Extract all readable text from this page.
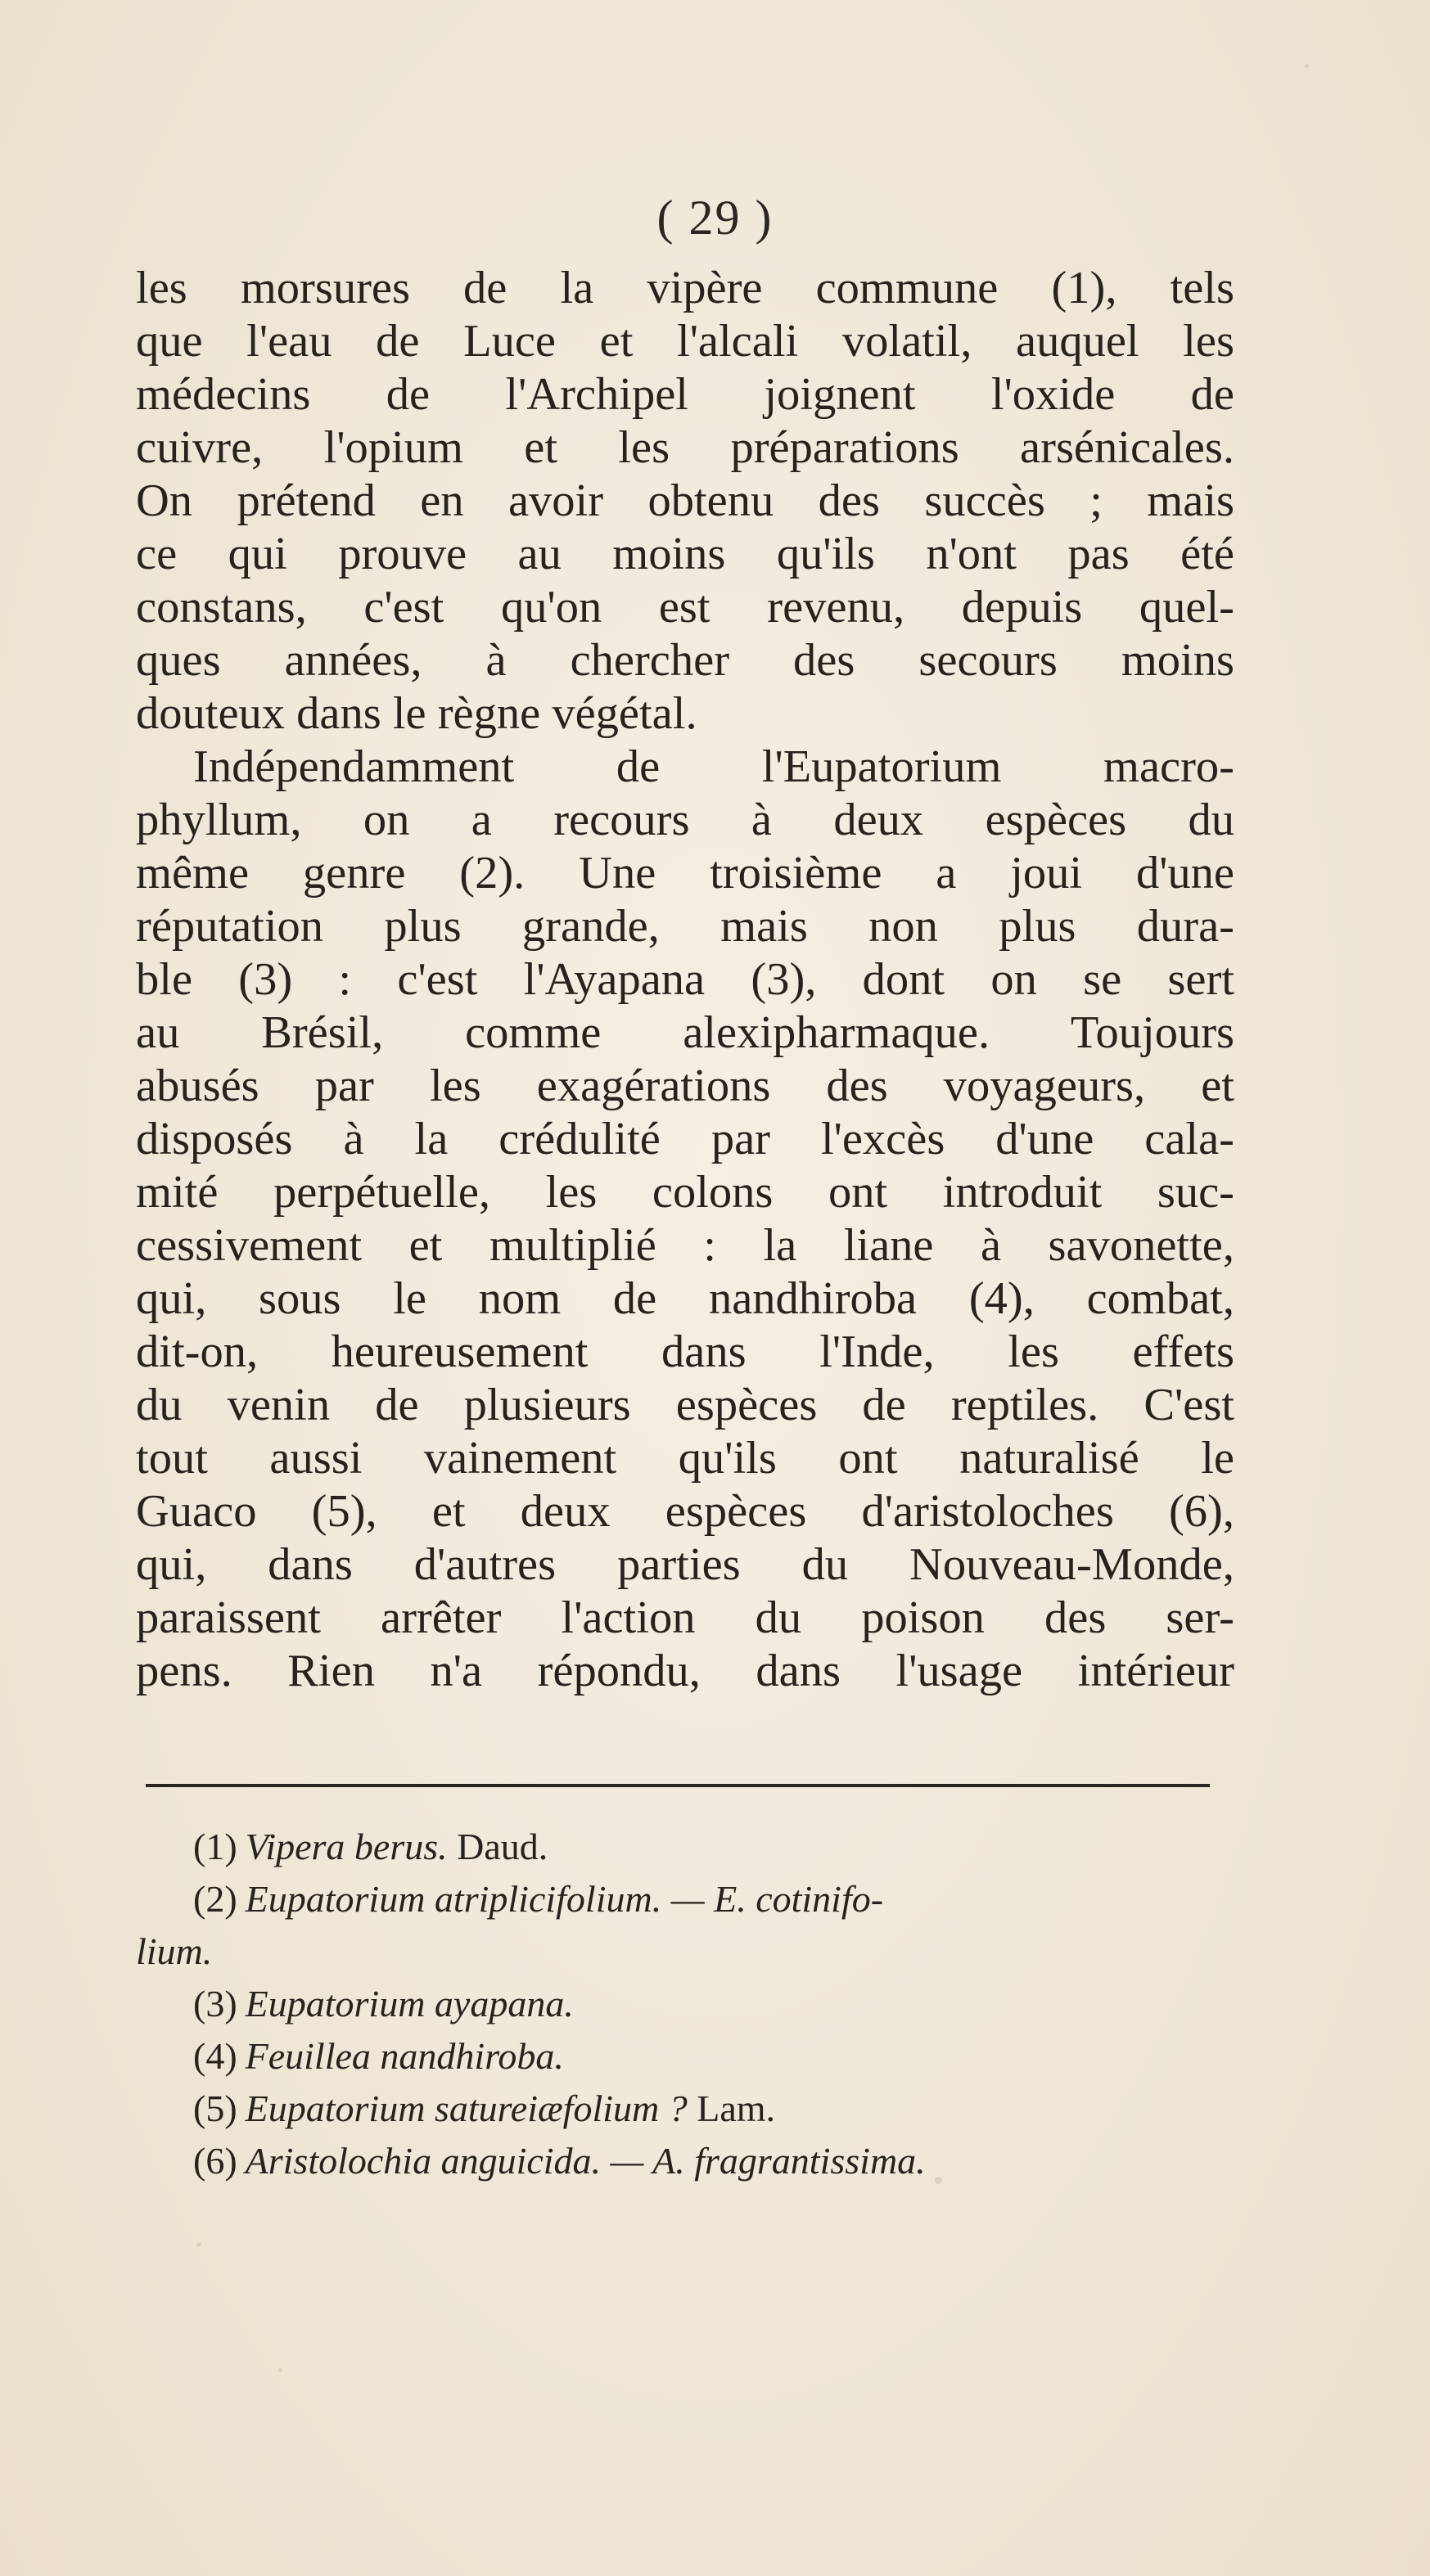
( 29 )
les morsures de la vipère commune (1), tels
que l'eau de Luce et l'alcali volatil, auquel les
médecins de l'Archipel joignent l'oxide de
cuivre, l'opium et les préparations arsénicales.
On prétend en avoir obtenu des succès ; mais
ce qui prouve au moins qu'ils n'ont pas été
constans, c'est qu'on est revenu, depuis quel-
ques années, à chercher des secours moins
douteux dans le règne végétal.
Indépendamment de l'Eupatorium macro-
phyllum, on a recours à deux espèces du
même genre (2). Une troisième a joui d'une
réputation plus grande, mais non plus dura-
ble (3) : c'est l'Ayapana (3), dont on se sert
au Brésil, comme alexipharmaque. Toujours
abusés par les exagérations des voyageurs, et
disposés à la crédulité par l'excès d'une cala-
mité perpétuelle, les colons ont introduit suc-
cessivement et multiplié : la liane à savonette,
qui, sous le nom de nandhiroba (4), combat,
dit-on, heureusement dans l'Inde, les effets
du venin de plusieurs espèces de reptiles. C'est
tout aussi vainement qu'ils ont naturalisé le
Guaco (5), et deux espèces d'aristoloches (6),
qui, dans d'autres parties du Nouveau-Monde,
paraissent arrêter l'action du poison des ser-
pens. Rien n'a répondu, dans l'usage intérieur
(1) Vipera berus. Daud.
(2) Eupatorium atriplicifolium. — E. cotinifo-
lium.
(3) Eupatorium ayapana.
(4) Feuillea nandhiroba.
(5) Eupatorium satureiæfolium ? Lam.
(6) Aristolochia anguicida. — A. fragrantissima.
